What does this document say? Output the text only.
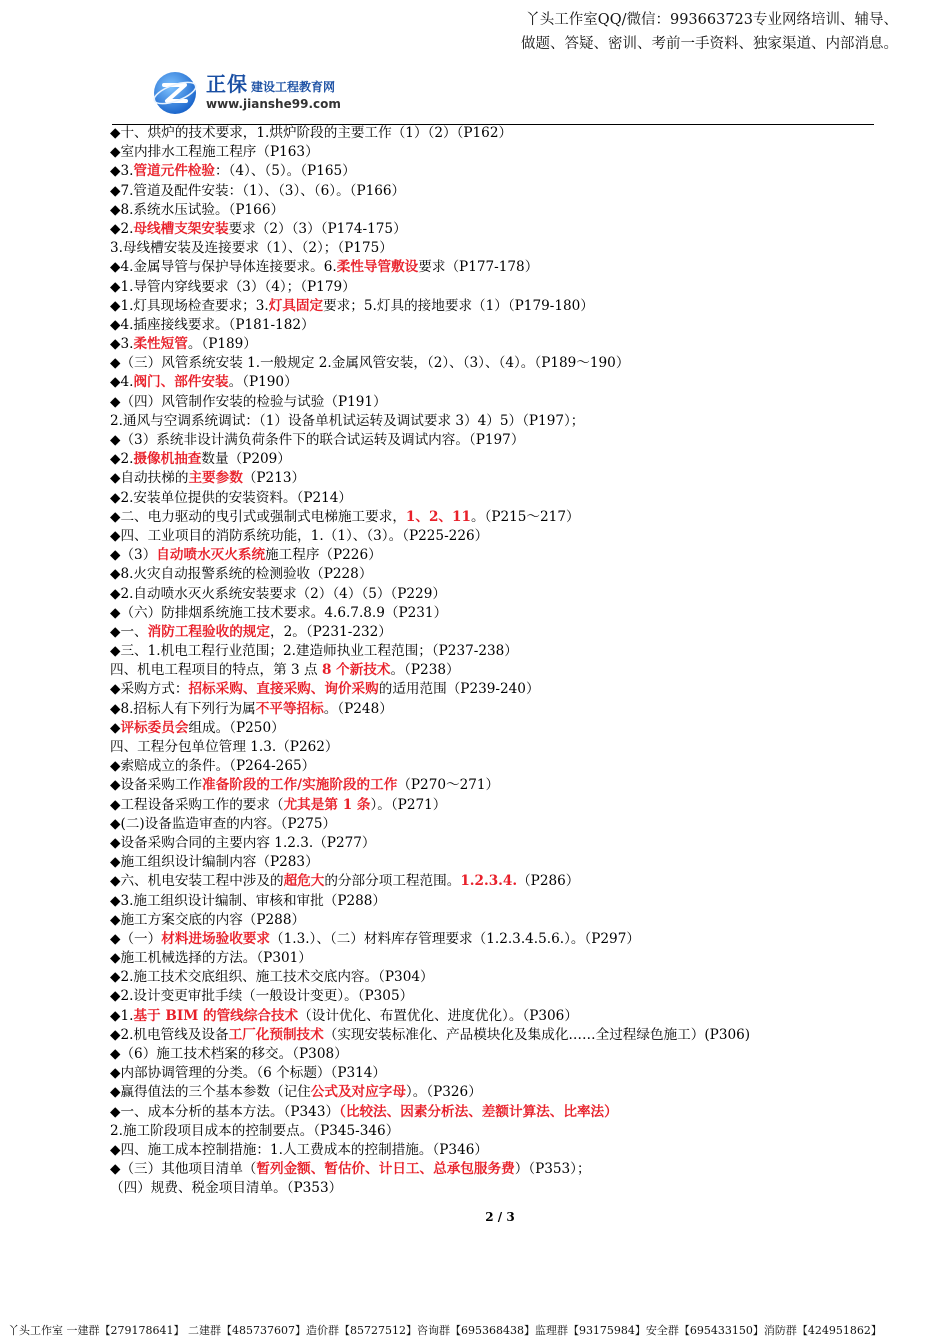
丫头工作室QQ/微信：993663723专业网络培训、辅导、
做题、答疑、密训、考前一手资料、独家渠道、内部消息。
正保 建设工程教育网
www.jianshe99.com
◆十、烘炉的技术要求，1.烘炉阶段的主要工作（1）（2）（P162）
◆室内排水工程施工程序（P163）
◆3.管道元件检验：（4）、（5）。（P165）
◆7.管道及配件安装：（1）、（3）、（6）。（P166）
◆8.系统水压试验。（P166）
◆2.母线槽支架安装要求（2）（3）（P174-175）
3.母线槽安装及连接要求（1）、（2）；（P175）
◆4.金属导管与保护导体连接要求。6.柔性导管敷设要求（P177-178）
◆1.导管内穿线要求（3）（4）；（P179）
◆1.灯具现场检查要求；3.灯具固定要求；5.灯具的接地要求（1）（P179-180）
◆4.插座接线要求。（P181-182）
◆3.柔性短管。（P189）
◆（三）风管系统安装 1.一般规定 2.金属风管安装，（2）、（3）、（4）。（P189～190）
◆4.阀门、部件安装。（P190）
◆（四）风管制作安装的检验与试验（P191）
2.通风与空调系统调试：（1）设备单机试运转及调试要求 3）4）5）（P197）；
◆（3）系统非设计满负荷条件下的联合试运转及调试内容。（P197）
◆2.摄像机抽查数量（P209）
◆自动扶梯的主要参数（P213）
◆2.安装单位提供的安装资料。（P214）
◆二、电力驱动的曳引式或强制式电梯施工要求，1、2、11。（P215～217）
◆四、工业项目的消防系统功能，1.（1）、（3）。（P225-226）
◆（3）自动喷水灭火系统施工程序（P226）
◆8.火灾自动报警系统的检测验收（P228）
◆2.自动喷水灭火系统安装要求（2）（4）（5）（P229）
◆（六）防排烟系统施工技术要求。4.6.7.8.9（P231）
◆一、消防工程验收的规定，2。（P231-232）
◆三、1.机电工程行业范围；2.建造师执业工程范围；（P237-238）
四、机电工程项目的特点，第 3 点 8 个新技术。（P238）
◆采购方式：招标采购、直接采购、询价采购的适用范围（P239-240）
◆8.招标人有下列行为属不平等招标。（P248）
◆评标委员会组成。（P250）
四、工程分包单位管理 1.3.（P262）
◆索赔成立的条件。（P264-265）
◆设备采购工作准备阶段的工作/实施阶段的工作（P270～271）
◆工程设备采购工作的要求（尤其是第 1 条）。（P271）
◆(二)设备监造审查的内容。（P275）
◆设备采购合同的主要内容 1.2.3.（P277）
◆施工组织设计编制内容（P283）
◆六、机电安装工程中涉及的超危大的分部分项工程范围。1.2.3.4.（P286）
◆3.施工组织设计编制、审核和审批（P288）
◆施工方案交底的内容（P288）
◆（一）材料进场验收要求（1.3.）、（二）材料库存管理要求（1.2.3.4.5.6.）。（P297）
◆施工机械选择的方法。（P301）
◆2.施工技术交底组织、施工技术交底内容。（P304）
◆2.设计变更审批手续（一般设计变更）。（P305）
◆1.基于 BIM 的管线综合技术（设计优化、布置优化、进度优化）。（P306）
◆2.机电管线及设备工厂化预制技术（实现安装标准化、产品模块化及集成化……全过程绿色施工）(P306)
◆（6）施工技术档案的移交。（P308）
◆内部协调管理的分类。（6 个标题）（P314）
◆赢得值法的三个基本参数（记住公式及对应字母）。（P326）
◆一、成本分析的基本方法。（P343）（比较法、因素分析法、差额计算法、比率法）
2.施工阶段项目成本的控制要点。（P345-346）
◆四、施工成本控制措施：1.人工费成本的控制措施。（P346）
◆（三）其他项目清单（暂列金额、暂估价、计日工、总承包服务费）（P353）；
（四）规费、税金项目清单。（P353）
2 / 3
丫头工作室 一建群【279178641】 二建群【485737607】造价群【85727512】咨询群【695368438】监理群【93175984】安全群【695433150】消防群【424951862】
